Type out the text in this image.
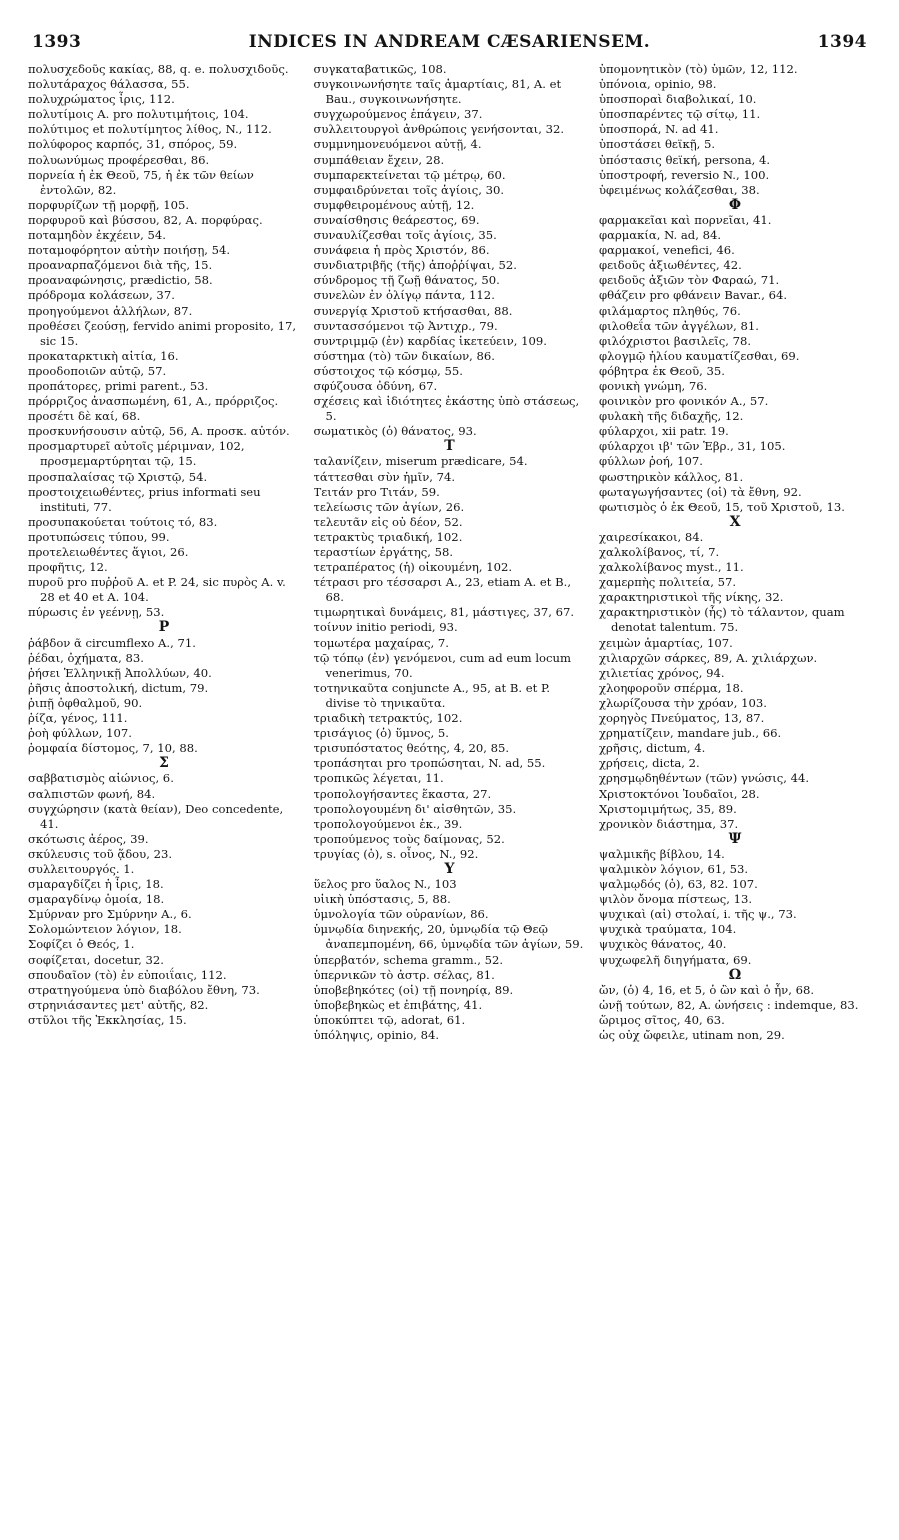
1393	INDICES IN ANDREAM CÆSARIENSEM.	1394

πολυσχεδοῦς κακίας, 88, q. e. πολυσχιδοῦς.

πολυτάραχος θάλασσα, 55.

πολυχρώματος ἶρις, 112.

πολυτίμοις A. pro πολυτιμήτοις, 104.

πολύτιμος et πολυτίμητος λίθος, N., 112.

πολύφορος καρπός, 31, σπόρος, 59.

πολυωνύμως προφέρεσθαι, 86.

πορνεία ἡ ἐκ Θεοῦ, 75, ἡ ἐκ τῶν θείων ἐντολῶν, 82.

πορφυρίζων τῇ μορφῇ, 105.

πορφυροῦ καὶ βύσσου, 82, A. πορφύρας.

ποταμηδὸν ἐκχέειν, 54.

ποταμοφόρητον αὐτὴν ποιήσῃ, 54.

προαναρπαζόμενοι διὰ τῆς, 15.

προαναφώνησις, prædictio, 58.

πρόδρομα κολάσεων, 37.

προηγούμενοι ἀλλήλων, 87.

προθέσει ζεούσῃ, fervido animi proposito, 17, sic 15.

προκαταρκτικὴ αἰτία, 16.

προοδοποιῶν αὐτῷ, 57.

προπάτορες, primi parent., 53.

πρόρριζος ἀνασπωμένη, 61, A., πρόρριζος.

προσέτι δὲ καί, 68.

προσκυνήσουσιν αὐτῷ, 56, A. προσκ. αὐτόν.

προσμαρτυρεῖ αὐτοῖς μέριμναν, 102, προσμεμαρτύρηται τῷ, 15.

προσπαλαίσας τῷ Χριστῷ, 54.

προστοιχειωθέντες, prius informati seu instituti, 77.

προσυπακούεται τούτοις τό, 83.

προτυπώσεις τύπου, 99.

προτελειωθέντες ἅγιοι, 26.

προφῆτις, 12.

πυροῦ pro πυῤῥοῦ A. et P. 24, sic πυρὸς A. v. 28 et 40 et A. 104.

πύρωσις ἐν γεέννῃ, 53.

Ρ

ῥάβδον ᾶ circumflexo A., 71.

ῥέδαι, ὀχήματα, 83.

ῥήσει Ἑλληνικῇ Ἀπολλύων, 40.

ῥῆσις ἀποστολική, dictum, 79.

ῥιπῇ ὀφθαλμοῦ, 90.

ῥίζα, γένος, 111.

ῥοὴ φύλλων, 107.

ῥομφαία δίστομος, 7, 10, 88.

Σ

σαββατισμὸς αἰώνιος, 6.

σαλπιστῶν φωνή, 84.

συγχώρησιν (κατὰ θείαν), Deo concedente, 41.

σκότωσις ἀέρος, 39.

σκύλευσις τοῦ ᾅδου, 23.

συλλειτουργός. 1.

σμαραγδίζει ἡ ἶρις, 18.

σμαραγδίνῳ ὁμοία, 18.

Σμύρναν pro Σμύρνην A., 6.

Σολομώντειον λόγιον, 18.

Σοφίζει ὁ Θεός, 1.

σοφίζεται, docetur, 32.

σπουδαῖον (τὸ) ἐν εὐποιΐαις, 112.

στρατηγούμενα ὑπὸ διαβόλου ἔθνη, 73.

στρηνιάσαντες μετ' αὐτῆς, 82.

στῦλοι τῆς Ἐκκλησίας, 15.

συγκαταβατικῶς, 108.

συγκοινωνήσητε ταῖς ἁμαρτίαις, 81, A. et Bau., συγκοινωνήσητε.

συγχωρούμενος ἐπάγειν, 37.

συλλειτουργοὶ ἀνθρώποις γενήσονται, 32.

συμμνημονευόμενοι αὐτῇ, 4.

συμπάθειαν ἔχειν, 28.

συμπαρεκτείνεται τῷ μέτρῳ, 60.

συμφαιδρύνεται τοῖς ἁγίοις, 30.

συμφθειρομένους αὐτῇ, 12.

συναίσθησις θεάρεστος, 69.

συναυλίζεσθαι τοῖς ἁγίοις, 35.

συνάφεια ἡ πρὸς Χριστόν, 86.

συνδιατριβῆς (τῆς) ἀποῤῥίψαι, 52.

σύνδρομος τῇ ζωῇ θάνατος, 50.

συνελὼν ἐν ὀλίγῳ πάντα, 112.

συνεργίᾳ Χριστοῦ κτήσασθαι, 88.

συντασσόμενοι τῷ Ἀντιχρ., 79.

συντριμμῷ (ἐν) καρδίας ἱκετεύειν, 109.

σύστημα (τὸ) τῶν δικαίων, 86.

σύστοιχος τῷ κόσμῳ, 55.

σφύζουσα ὀδύνη, 67.

σχέσεις καὶ ἰδιότητες ἑκάστης ὑπὸ στάσεως, 5.

σωματικὸς (ὁ) θάνατος, 93.

Τ

ταλανίζειν, miserum prædicare, 54.

τάττεσθαι σὺν ἡμῖν, 74.

Τειτάν pro Τιτάν, 59.

τελείωσις τῶν ἁγίων, 26.

τελευτᾶν εἰς οὐ δέον, 52.

τετρακτὺς τριαδική, 102.

τεραστίων ἐργάτης, 58.

τετραπέρατος (ἡ) οἰκουμένη, 102.

τέτρασι pro τέσσαρσι A., 23, etiam A. et B., 68.

τιμωρητικαὶ δυνάμεις, 81, μάστιγες, 37, 67.

τοίνυν initio periodi, 93.

τομωτέρα μαχαίρας, 7.

τῷ τόπῳ (ἐν) γενόμενοι, cum ad eum locum venerimus, 70.

τοτηνικαῦτα conjuncte A., 95, at B. et P. divise τὸ τηνικαῦτα.

τριαδικὴ τετρακτύς, 102.

τρισάγιος (ὁ) ὕμνος, 5.

τρισυπόστατος θεότης, 4, 20, 85.

τροπάσηται pro τροπώσηται, N. ad, 55.

τροπικῶς λέγεται, 11.

τροπολογήσαντες ἕκαστα, 27.

τροπολογουμένη δι' αἰσθητῶν, 35.

τροπολογούμενοι ἐκ., 39.

τροπούμενος τοὺς δαίμονας, 52.

τρυγίας (ὁ), s. οἶνος, N., 92.

Υ

ὕελος pro ὕαλος N., 103

υἱικὴ ὑπόστασις, 5, 88.

ὑμνολογία τῶν οὐρανίων, 86.

ὑμνῳδία διηνεκής, 20, ὑμνῳδία τῷ Θεῷ ἀναπεμπομένη, 66, ὑμνῳδία τῶν ἁγίων, 59.

ὑπερβατόν, schema gramm., 52.

ὑπερνικῶν τὸ ἀστρ. σέλας, 81.

ὑποβεβηκότες (οἱ) τῇ πονηρίᾳ, 89.

ὑποβεβηκὼς et ἐπιβάτης, 41.

ὑποκύπτει τῷ, adorat, 61.

ὑπόληψις, opinio, 84.

ὑπομονητικὸν (τὸ) ὑμῶν, 12, 112.

ὑπόνοια, opinio, 98.

ὑποσποραὶ διαβολικαί, 10.

ὑποσπαρέντες τῷ σίτῳ, 11.

ὑποσπορά, N. ad 41.

ὑποστάσει θεϊκῇ, 5.

ὑπόστασις θεϊκή, persona, 4.

ὑποστροφή, reversio N., 100.

ὑφειμένως κολάζεσθαι, 38.

Φ

φαρμακεῖαι καὶ πορνεῖαι, 41.

φαρμακία, N. ad, 84.

φαρμακοί, venefici, 46.

φειδοῦς ἀξιωθέντες, 42.

φειδοῦς ἀξιῶν τὸν Φαραώ, 71.

φθάζειν pro φθάνειν Bavar., 64.

φιλάμαρτος πληθύς, 76.

φιλοθεΐα τῶν ἀγγέλων, 81.

φιλόχριστοι βασιλεῖς, 78.

φλογμῷ ἡλίου καυματίζεσθαι, 69.

φόβητρα ἐκ Θεοῦ, 35.

φονικὴ γνώμη, 76.

φοινικὸν pro φονικόν A., 57.

φυλακὴ τῆς διδαχῆς, 12.

φύλαρχοι, xii patr. 19.

φύλαρχοι ιβ' τῶν Ἑβρ., 31, 105.

φύλλων ῥοή, 107.

φωστηρικὸν κάλλος, 81.

φωταγωγήσαντες (οἱ) τὰ ἔθνη, 92.

φωτισμὸς ὁ ἐκ Θεοῦ, 15, τοῦ Χριστοῦ, 13.

Χ

χαιρεσίκακοι, 84.

χαλκολίβανος, τί, 7.

χαλκολίβανος myst., 11.

χαμερπὴς πολιτεία, 57.

χαρακτηριστικοὶ τῆς νίκης, 32.

χαρακτηριστικὸν (ἧς) τὸ τάλαντον, quam denotat talentum. 75.

χειμὼν ἁμαρτίας, 107.

χιλιαρχῶν σάρκες, 89, A. χιλιάρχων.

χιλιετίας χρόνος, 94.

χλοηφοροῦν σπέρμα, 18.

χλωρίζουσα τὴν χρόαν, 103.

χορηγὸς Πνεύματος, 13, 87.

χρηματίζειν, mandare jub., 66.

χρῆσις, dictum, 4.

χρήσεις, dicta, 2.

χρησμῳδηθέντων (τῶν) γνώσις, 44.

Χριστοκτόνοι Ἰουδαῖοι, 28.

Χριστομιμήτως, 35, 89.

χρονικὸν διάστημα, 37.

Ψ

ψαλμικῆς βίβλου, 14.

ψαλμικὸν λόγιον, 61, 53.

ψαλμῳδός (ὁ), 63, 82. 107.

ψιλὸν ὄνομα πίστεως, 13.

ψυχικαὶ (αἱ) στολαί, i. τῆς ψ., 73.

ψυχικὰ τραύματα, 104.

ψυχικὸς θάνατος, 40.

ψυχωφελῆ διηγήματα, 69.

Ω

ὤν, (ὁ) 4, 16, et 5, ὁ ὢν καὶ ὁ ἦν, 68.

ὠνῇ τούτων, 82, A. ὠνήσεις : indemque, 83.

ὥριμος σῖτος, 40, 63.

ὡς οὐχ ὤφειλε, utinam non, 29.
